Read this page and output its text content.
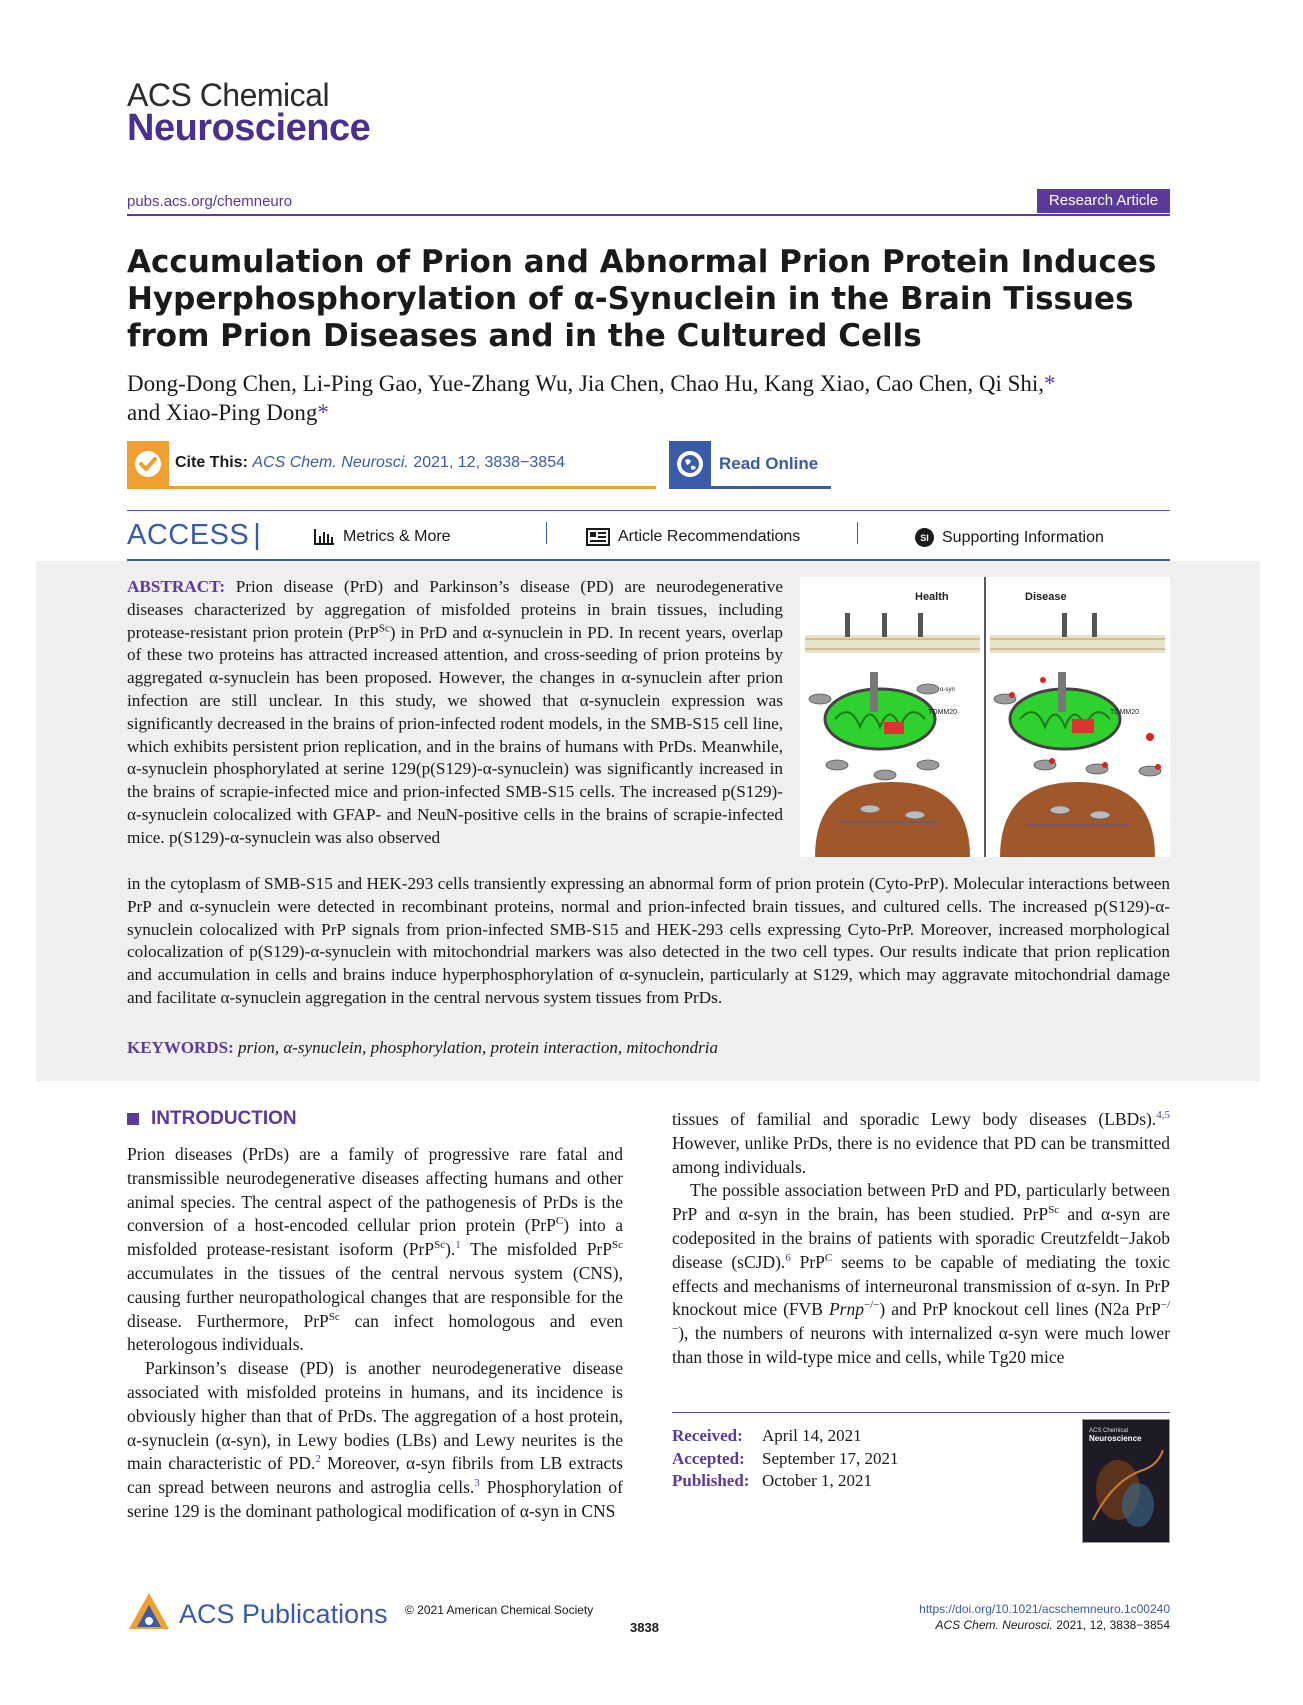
ACS Chemical
Neuroscience
pubs.acs.org/chemneuro	Research Article
Accumulation of Prion and Abnormal Prion Protein Induces Hyperphosphorylation of α-Synuclein in the Brain Tissues from Prion Diseases and in the Cultured Cells
Dong-Dong Chen, Li-Ping Gao, Yue-Zhang Wu, Jia Chen, Chao Hu, Kang Xiao, Cao Chen, Qi Shi,*
and Xiao-Ping Dong*
Cite This: ACS Chem. Neurosci. 2021, 12, 3838−3854	Read Online
ACCESS |	Metrics & More	Article Recommendations	SI Supporting Information
ABSTRACT: Prion disease (PrD) and Parkinson’s disease (PD) are neurodegenerative diseases characterized by aggregation of misfolded proteins in brain tissues, including protease-resistant prion protein (PrP$^{Sc}$) in PrD and α-synuclein in PD. In recent years, overlap of these two proteins has attracted increased attention, and cross-seeding of prion proteins by aggregated α-synuclein has been proposed. However, the changes in α-synuclein after prion infection are still unclear. In this study, we showed that α-synuclein expression was significantly decreased in the brains of prion-infected rodent models, in the SMB-S15 cell line, which exhibits persistent prion replication, and in the brains of humans with PrDs. Meanwhile, α-synuclein phosphorylated at serine 129(p(S129)-α-synuclein) was significantly increased in the brains of scrapie-infected mice and prion-infected SMB-S15 cells. The increased p(S129)-α-synuclein colocalized with GFAP- and NeuN-positive cells in the brains of scrapie-infected mice. p(S129)-α-synuclein was also observed
in the cytoplasm of SMB-S15 and HEK-293 cells transiently expressing an abnormal form of prion protein (Cyto-PrP). Molecular interactions between PrP and α-synuclein were detected in recombinant proteins, normal and prion-infected brain tissues, and cultured cells. The increased p(S129)-α-synuclein colocalized with PrP signals from prion-infected SMB-S15 and HEK-293 cells expressing Cyto-PrP. Moreover, increased morphological colocalization of p(S129)-α-synuclein with mitochondrial markers was also detected in the two cell types. Our results indicate that prion replication and accumulation in cells and brains induce hyperphosphorylation of α-synuclein, particularly at S129, which may aggravate mitochondrial damage and facilitate α-synuclein aggregation in the central nervous system tissues from PrDs.
KEYWORDS: prion, α-synuclein, phosphorylation, protein interaction, mitochondria
Health	Disease
TOMM20	TOMM20
α-syn
INTRODUCTION

Prion diseases (PrDs) are a family of progressive rare fatal and transmissible neurodegenerative diseases affecting humans and other animal species. The central aspect of the pathogenesis of PrDs is the conversion of a host-encoded cellular prion protein (PrP$^C$) into a misfolded protease-resistant isoform (PrP$^{Sc}$).$^1$ The misfolded PrP$^{Sc}$ accumulates in the tissues of the central nervous system (CNS), causing further neuropathological changes that are responsible for the disease. Furthermore, PrP$^{Sc}$ can infect homologous and even heterologous individuals.

Parkinson’s disease (PD) is another neurodegenerative disease associated with misfolded proteins in humans, and its incidence is obviously higher than that of PrDs. The aggregation of a host protein, α-synuclein (α-syn), in Lewy bodies (LBs) and Lewy neurites is the main characteristic of PD.$^2$ Moreover, α-syn fibrils from LB extracts can spread between neurons and astroglia cells.$^3$ Phosphorylation of serine 129 is the dominant pathological modification of α-syn in CNS

tissues of familial and sporadic Lewy body diseases (LBDs).$^{4,5}$ However, unlike PrDs, there is no evidence that PD can be transmitted among individuals.

The possible association between PrD and PD, particularly between PrP and α-syn in the brain, has been studied. PrP$^{Sc}$ and α-syn are codeposited in the brains of patients with sporadic Creutzfeldt−Jakob disease (sCJD).$^6$ PrP$^C$ seems to be capable of mediating the toxic effects and mechanisms of interneuronal transmission of α-syn. In PrP knockout mice (FVB Prnp−/−) and PrP knockout cell lines (N2a PrP−/−), the numbers of neurons with internalized α-syn were much lower than those in wild-type mice and cells, while Tg20 mice

Received: April 14, 2021
Accepted: September 17, 2021
Published: October 1, 2021
ACS Chemical
Neuroscience
ACS Publications © 2021 American Chemical Society
3838
https://doi.org/10.1021/acschemneuro.1c00240
ACS Chem. Neurosci. 2021, 12, 3838−3854
